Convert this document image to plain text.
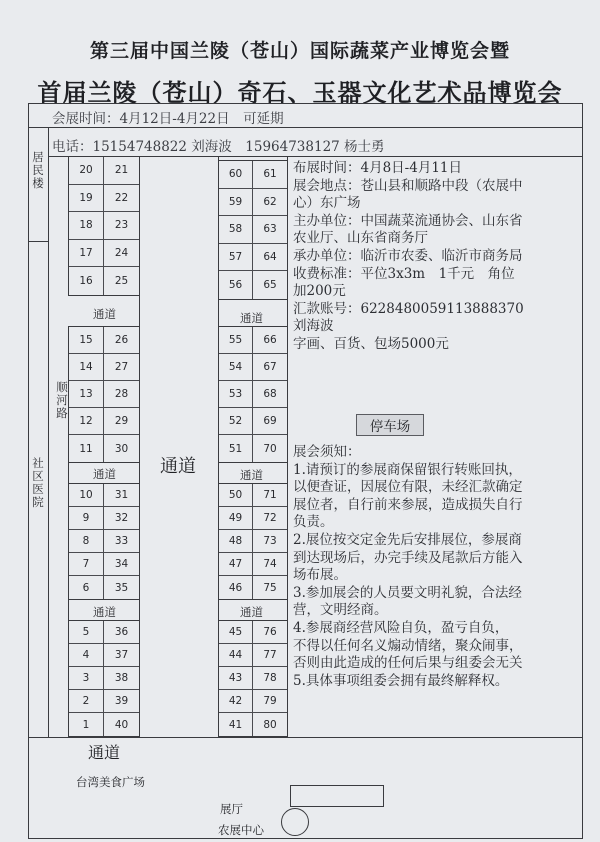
第三届中国兰陵（苍山）国际蔬菜产业博览会暨
首届兰陵（苍山）奇石、玉器文化艺术品博览会
会展时间：4月12日-4月22日　可延期
电话：15154748822 刘海波　15964738127 杨士勇
居
民
楼

社
区
医
院

顺
河
路

20	21
19	22
18	23
17	24
16	25
15	26
14	27
13	28
12	29
11	30
10	31
9	32
8	33
7	34
6	35
5	36
4	37
3	38
2	39
1	40
60	61
59	62
58	63
57	64
56	65
55	66
54	67
53	68
52	69
51	70
50	71
49	72
48	73
47	74
46	75
45	76
44	77
43	78
42	79
41	80
通道
通道
通道
通道
通道
通道
通道
布展时间：4月8日-4月11日
展会地点：苍山县和顺路中段（农展中
心）东广场
主办单位：中国蔬菜流通协会、山东省
农业厅、山东省商务厅
承办单位：临沂市农委、临沂市商务局
收费标准：平位3x3m　1千元　角位
加200元
汇款账号：6228480059113888370
刘海波
字画、百货、包场5000元
停车场
展会须知：
1.请预订的参展商保留银行转账回执，
以便查证，因展位有限，未经汇款确定
展位者，自行前来参展，造成损失自行
负责。
2.展位按交定金先后安排展位，参展商
到达现场后，办完手续及尾款后方能入
场布展。
3.参加展会的人员要文明礼貌，合法经
营，文明经商。
4.参展商经营风险自负，盈亏自负，
不得以任何名义煽动情绪，聚众闹事，
否则由此造成的任何后果与组委会无关
5.具体事项组委会拥有最终解释权。
通道
台湾美食广场
展厅
农展中心
